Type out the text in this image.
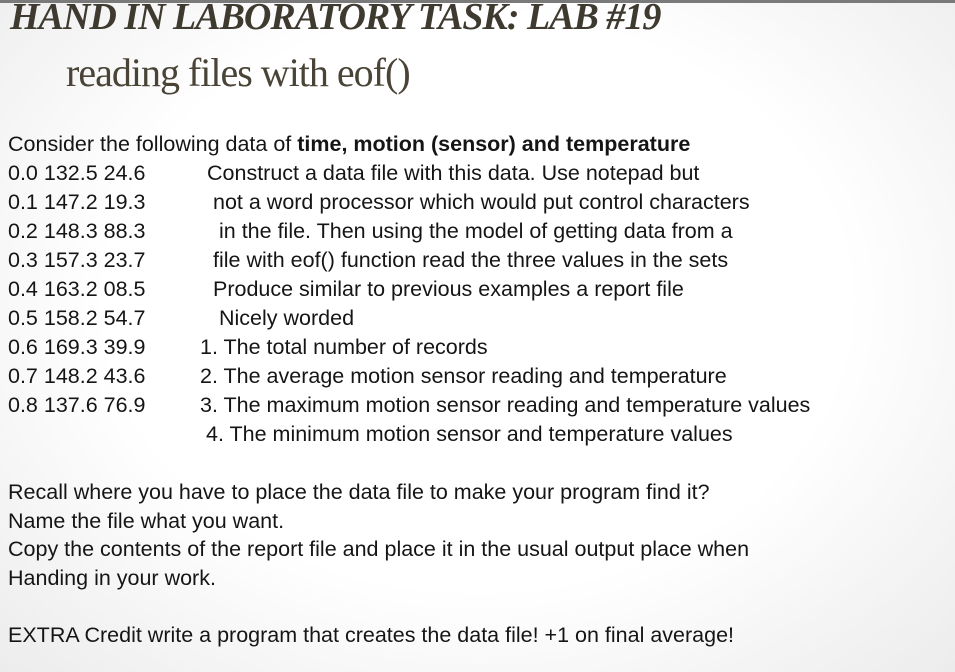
HAND IN LABORATORY TASK: LAB #19
reading files with eof()
Consider the following data of time, motion (sensor) and temperature
0.0 132.5 24.6
0.1 147.2 19.3
0.2 148.3 88.3
0.3 157.3 23.7
0.4 163.2 08.5
0.5 158.2 54.7
0.6 169.3 39.9
0.7 148.2 43.6
0.8 137.6 76.9
Construct a data file with this data. Use notepad but
not a word processor which would put control characters
in the file. Then using the model of getting data from a
file with eof() function read the three values in the sets
Produce similar to previous examples a report file
Nicely worded
1. The total number of records
2. The average motion sensor reading and temperature
3. The maximum motion sensor reading and temperature values
4. The minimum motion sensor and temperature values
Recall where you have to place the data file to make your program find it?
Name the file what you want.
Copy the contents of the report file and place it in the usual output place when
Handing in your work.
EXTRA Credit write a program that creates the data file! +1 on final average!
